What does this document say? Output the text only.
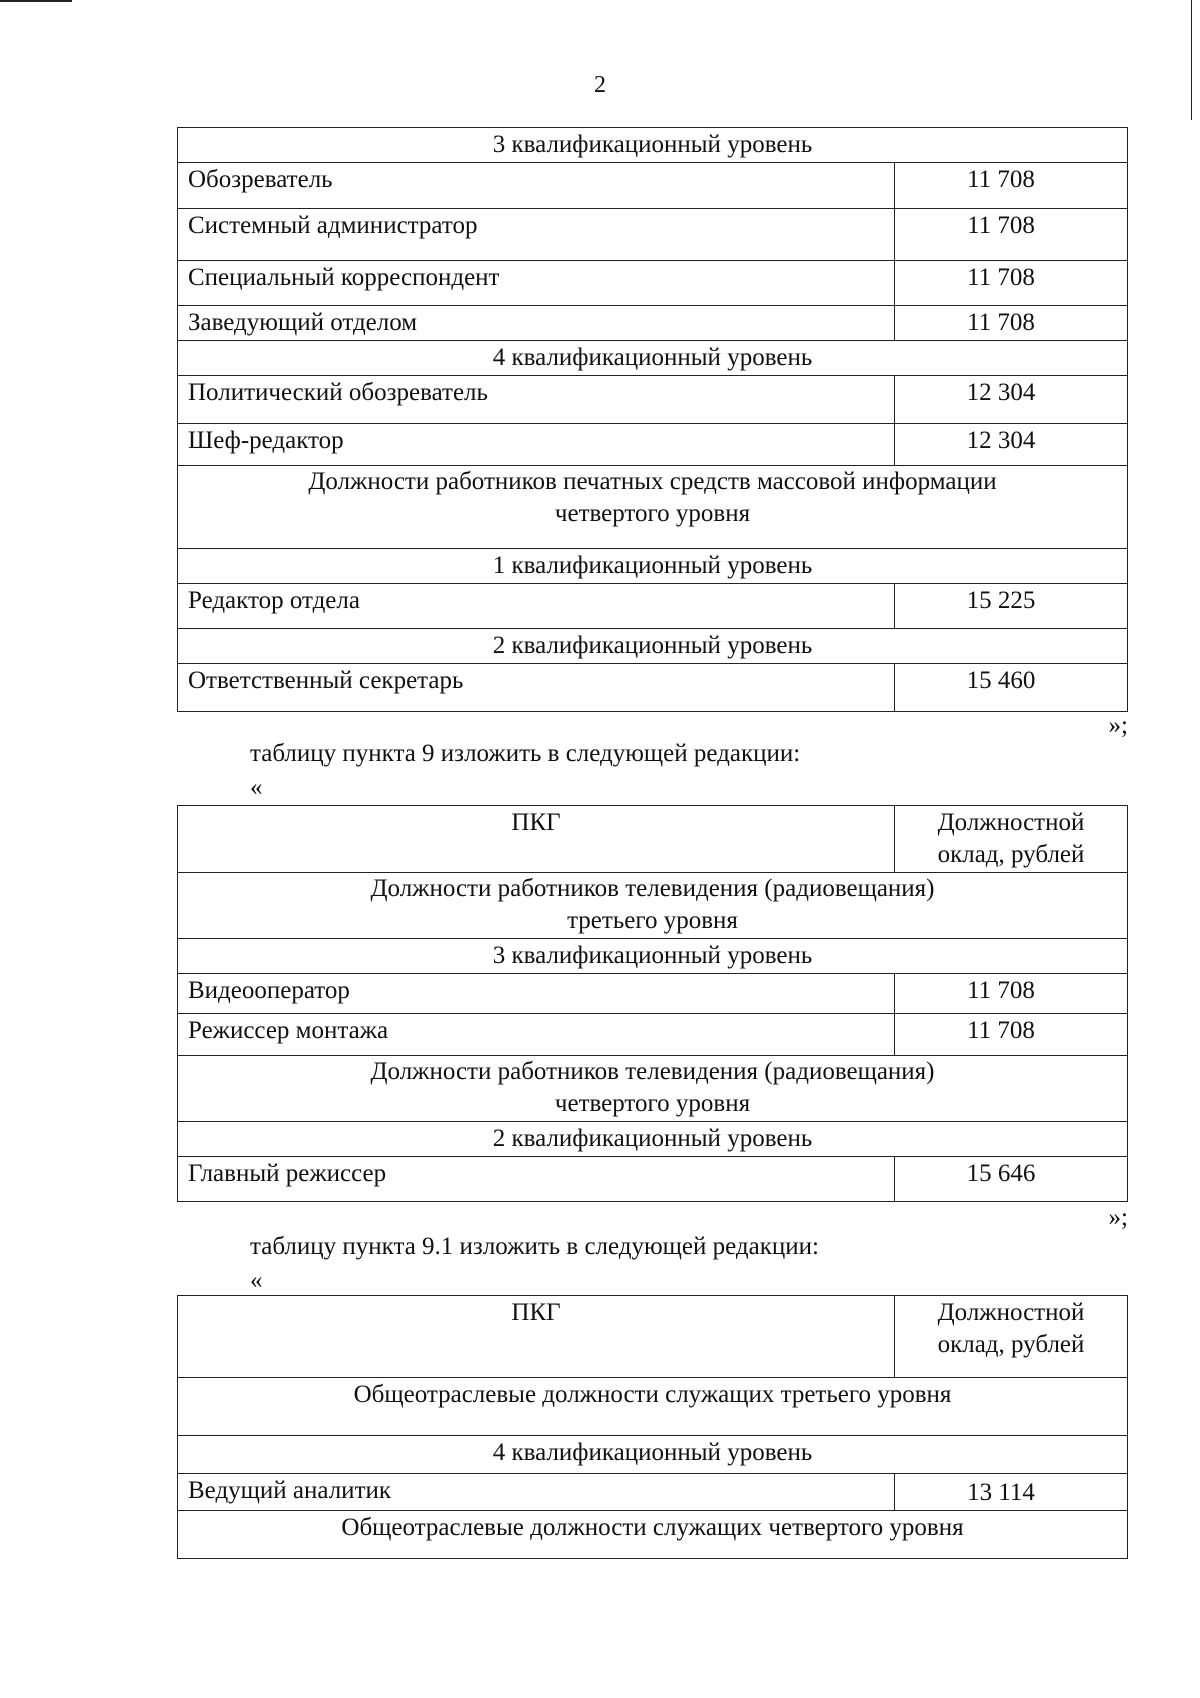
2
3 квалификационный уровень	
Обозреватель	11 708
Системный администратор	11 708
Специальный корреспондент	11 708
Заведующий отделом	11 708
4 квалификационный уровень	
Политический обозреватель	12 304
Шеф-редактор	12 304
Должности работников печатных средств массовой информации четвертого уровня	
1 квалификационный уровень	
Редактор отдела	15 225
2 квалификационный уровень	
Ответственный секретарь	15 460
»;
таблицу пункта 9 изложить в следующей редакции:
«
ПКГ	Должностной оклад, рублей
Должности работников телевидения (радиовещания) третьего уровня	
3 квалификационный уровень	
Видеооператор	11 708
Режиссер монтажа	11 708
Должности работников телевидения (радиовещания) четвертого уровня	
2 квалификационный уровень	
Главный режиссер	15 646
»;
таблицу пункта 9.1 изложить в следующей редакции:
«
ПКГ	Должностной оклад, рублей
Общеотраслевые должности служащих третьего уровня	
4 квалификационный уровень	
Ведущий аналитик	13 114
Общеотраслевые должности служащих четвертого уровня	
